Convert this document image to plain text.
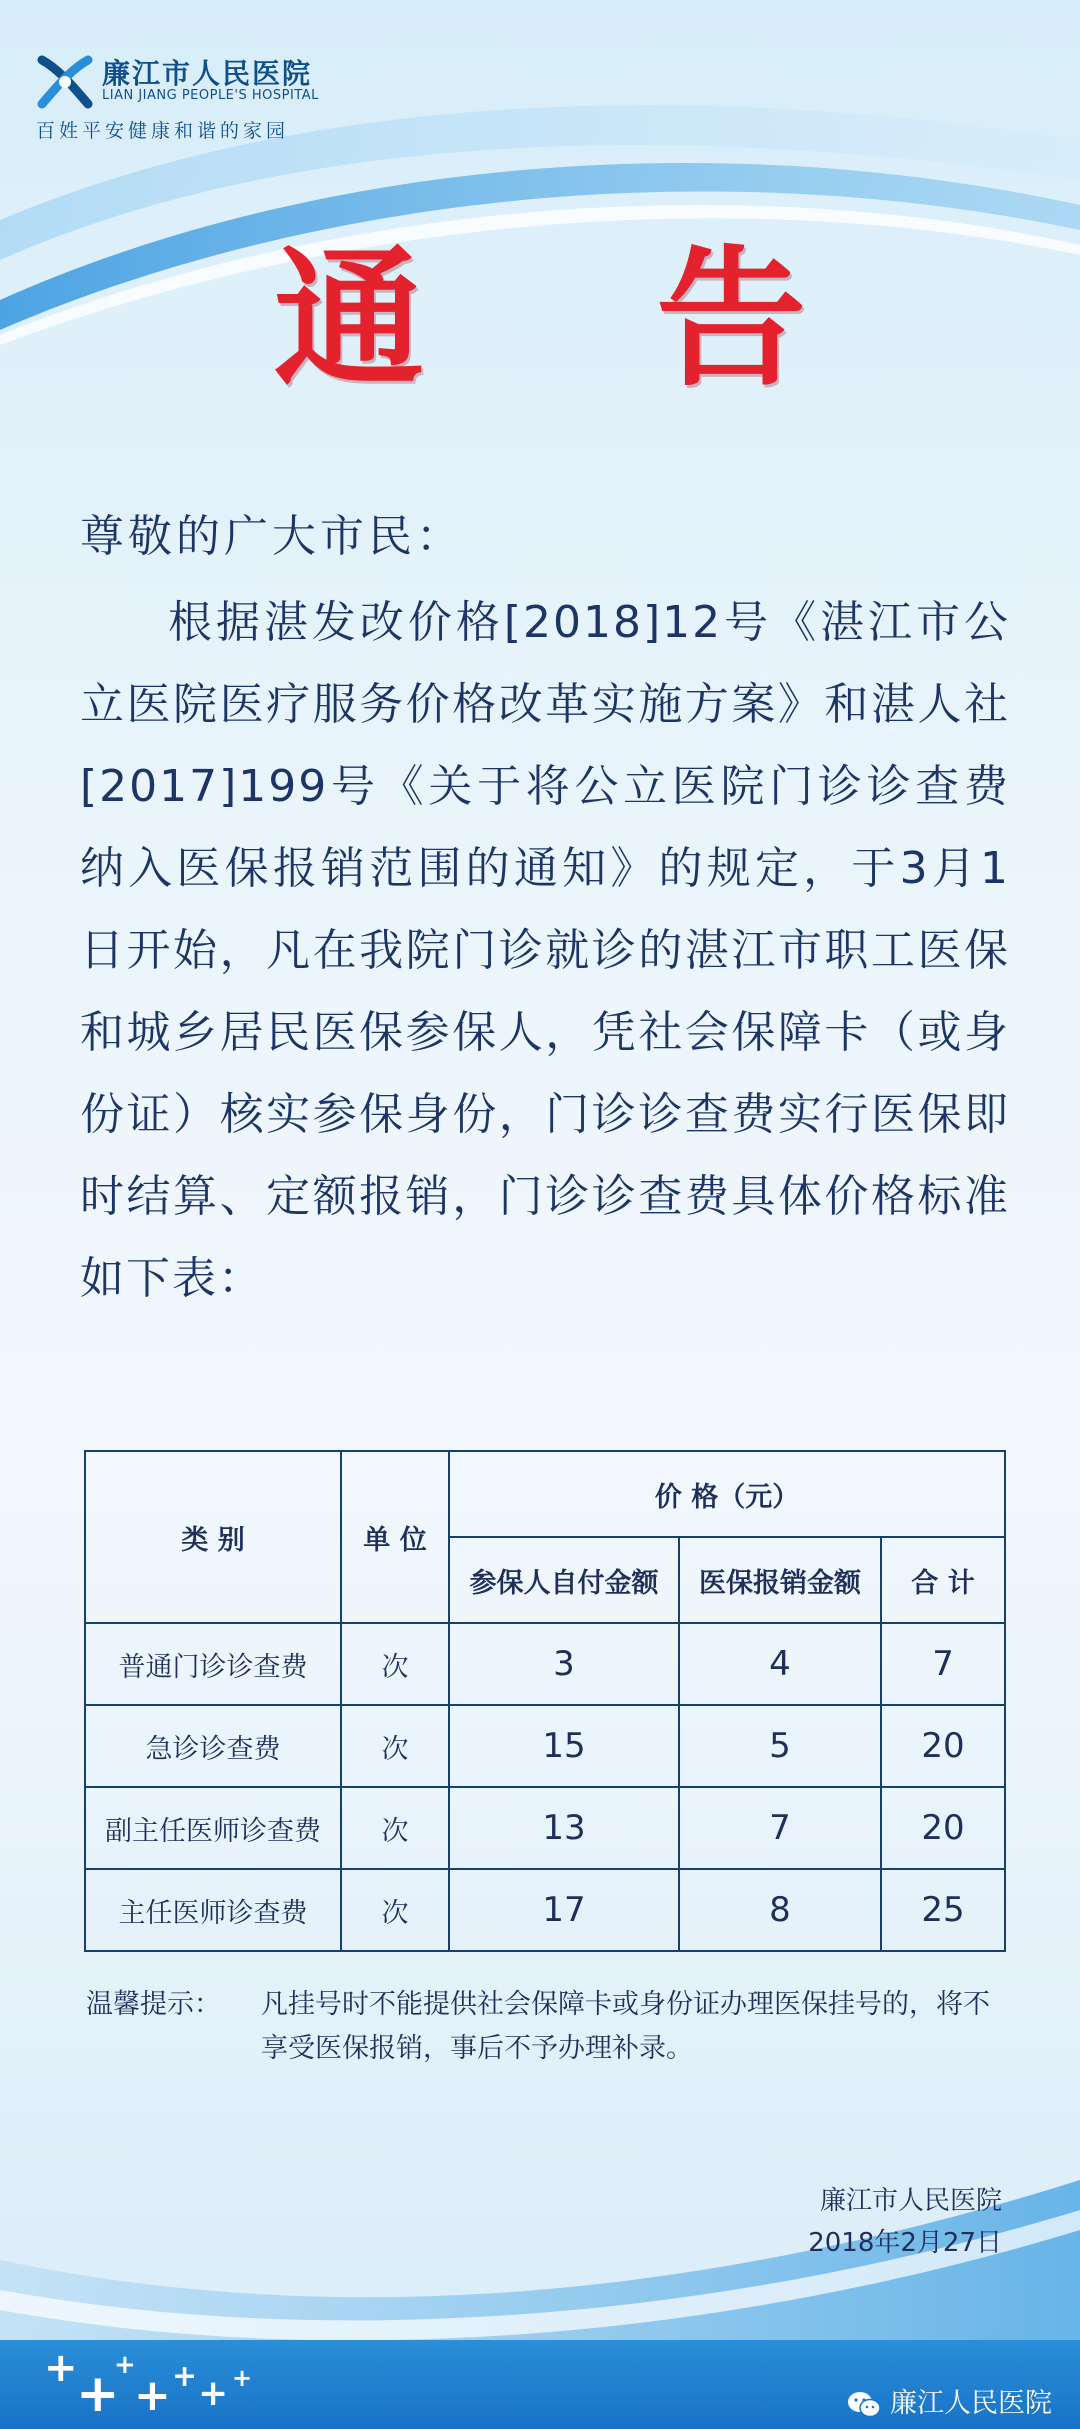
廉江市人民医院
LIAN JIANG PEOPLE'S HOSPITAL
百姓平安健康和谐的家园
通 告
尊敬的广大市民：

根据湛发改价格[2018]12号《湛江市公立医院医疗服务价格改革实施方案》和湛人社[2017]199号《关于将公立医院门诊诊查费纳入医保报销范围的通知》的规定，于3月1日开始，凡在我院门诊就诊的湛江市职工医保和城乡居民医保参保人，凭社会保障卡（或身份证）核实参保身份，门诊诊查费实行医保即时结算、定额报销，门诊诊查费具体价格标准如下表：

类 别	单 位	价 格（元）		
		参保人自付金额	医保报销金额	合 计
普通门诊诊查费	次	3	4	7
急诊诊查费	次	15	5	20
副主任医师诊查费	次	13	7	20
主任医师诊查费	次	17	8	25
温馨提示： 凡挂号时不能提供社会保障卡或身份证办理医保挂号的，将不享受医保报销，事后不予办理补录。
廉江市人民医院
2018年2月27日
+
+
+
+ + + +
廉江人民医院
